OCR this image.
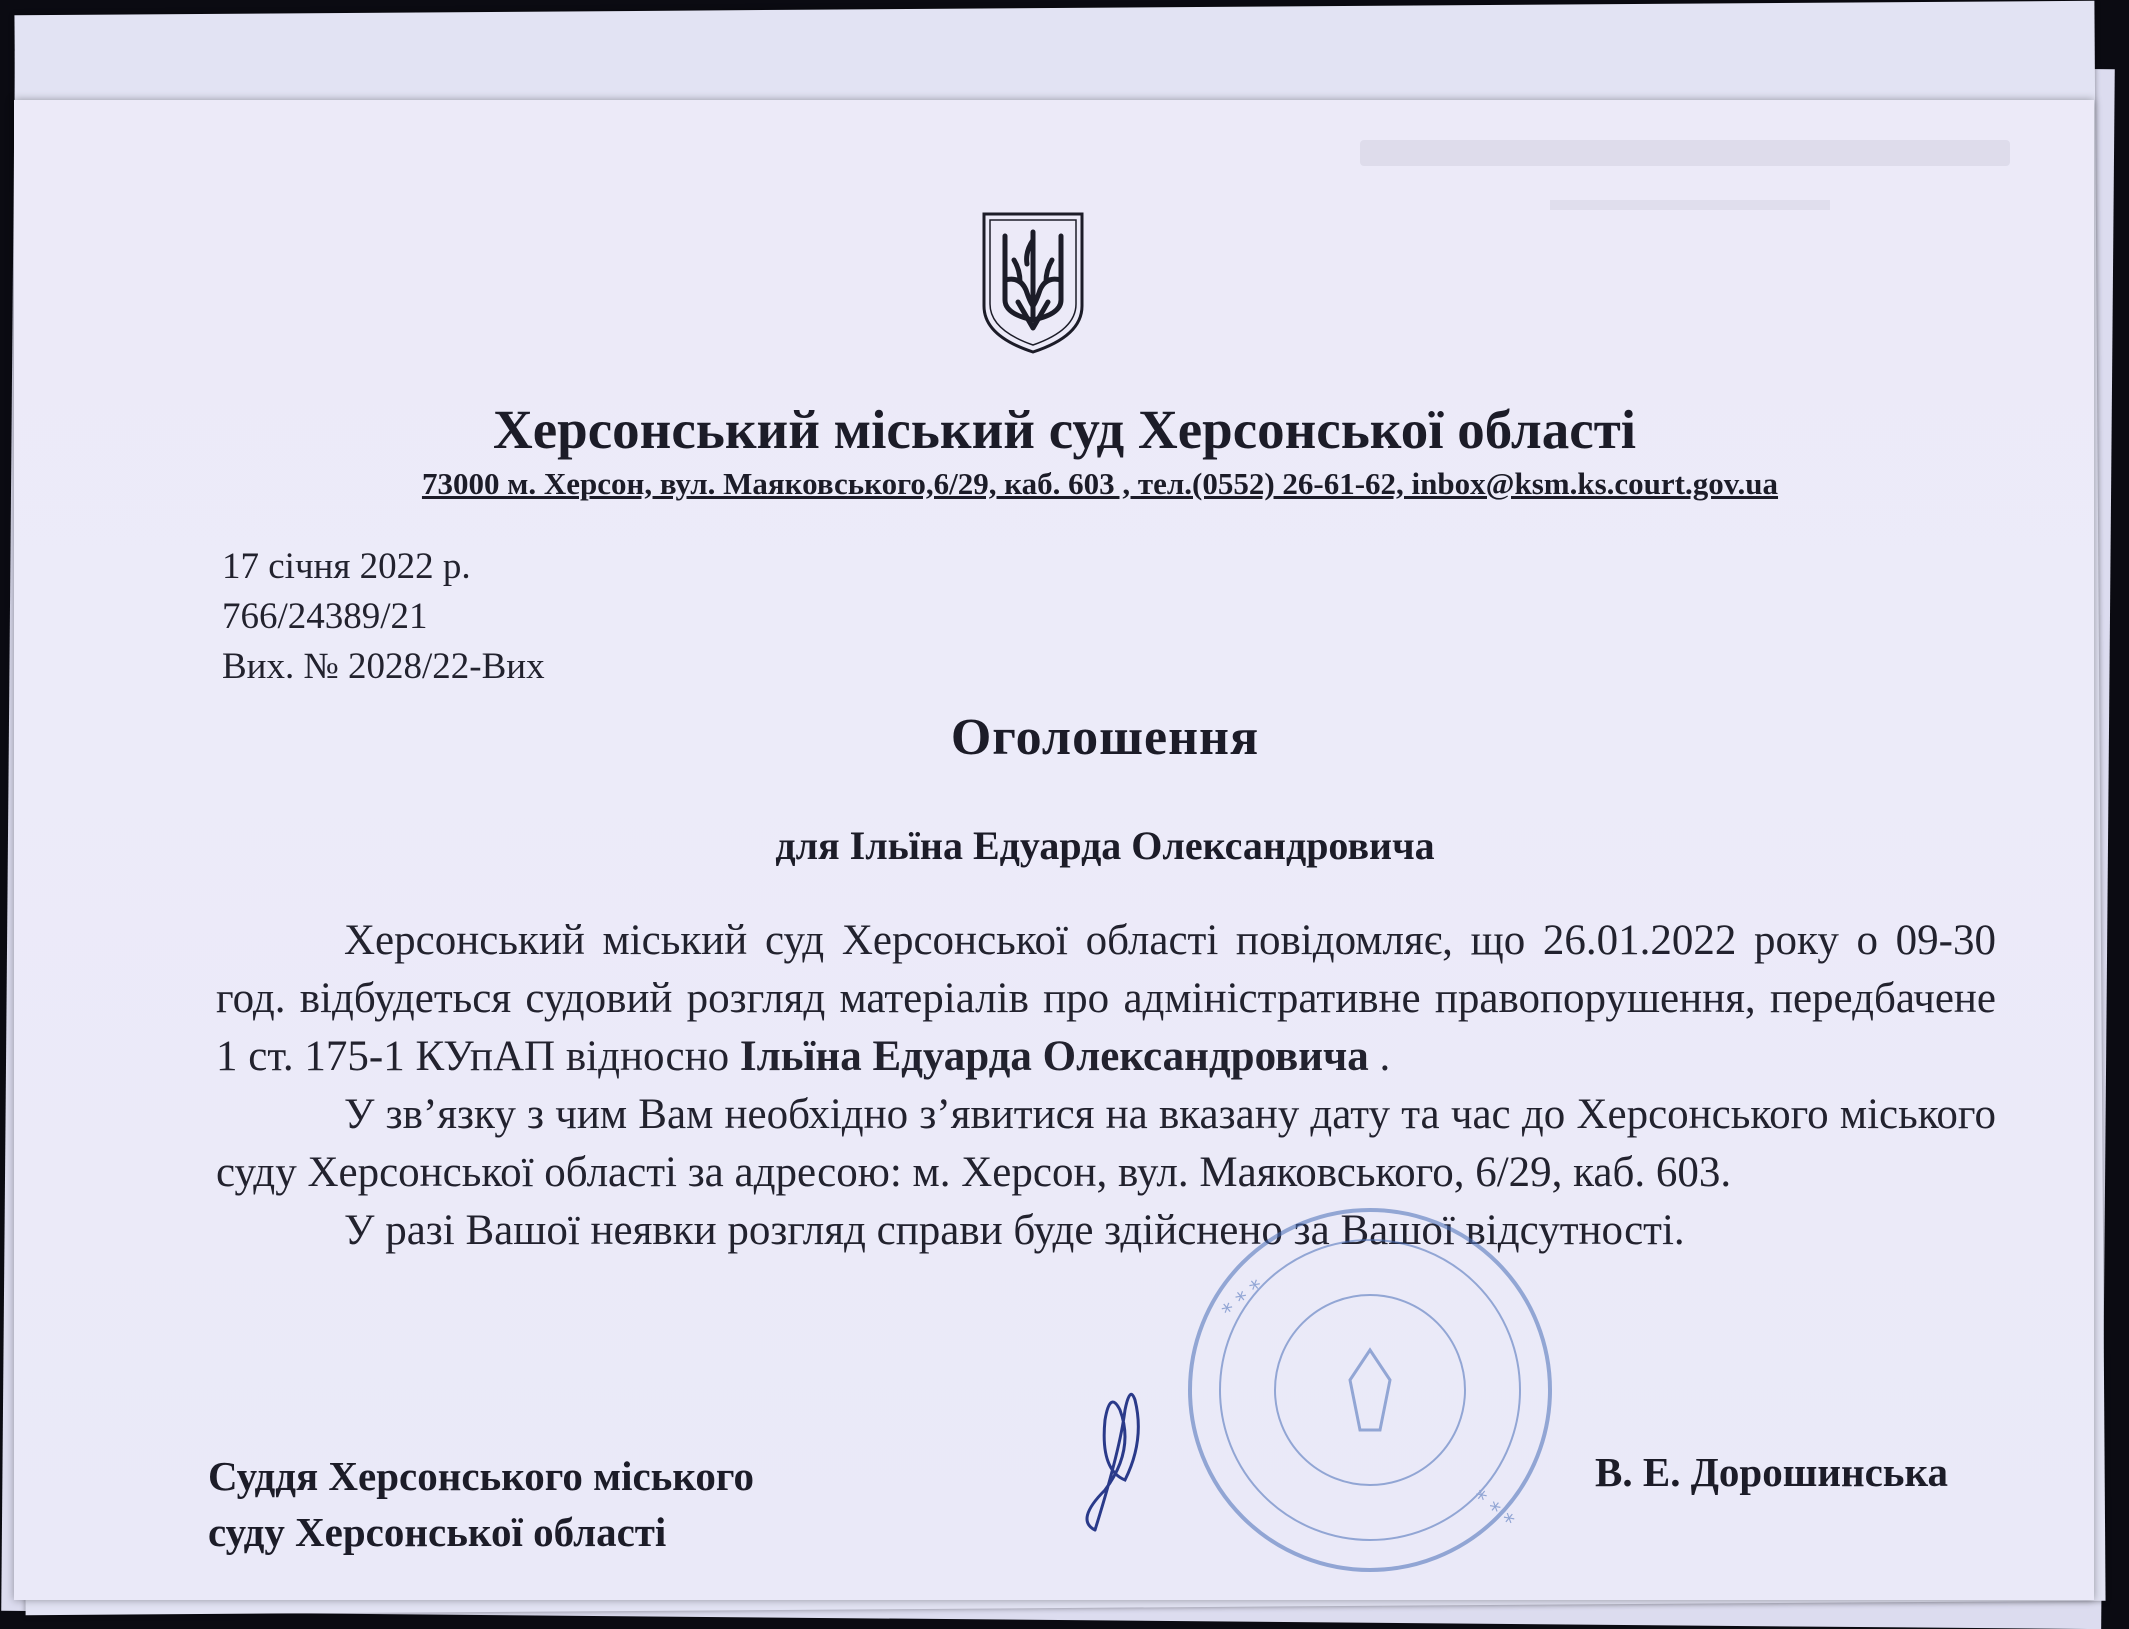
Херсонський міський суд Херсонської області

73000 м. Херсон, вул. Маяковського,6/29, каб. 603 , тел.(0552) 26-61-62, inbox@ksm.ks.court.gov.ua

17 січня 2022 р.
766/24389/21
Вих. № 2028/22-Вих
Оголошення
для Ільїна Едуарда Олександровича

Херсонський міський суд Херсонської області повідомляє, що 26.01.2022 року о 09-30 год. відбудеться судовий розгляд матеріалів про адміністративне правопорушення, передбачене 1 ст. 175-1 КУпАП відносно Ільїна Едуарда Олександровича .

У зв’язку з чим Вам необхідно з’явитися на вказану дату та час до Херсонського міського суду Херсонської області за адресою: м. Херсон, вул. Маяковського, 6/29, каб. 603.

У разі Вашої неявки розгляд справи буде здійснено за Вашої відсутності.

* * *
* * *
Суддя Херсонського міського
суду Херсонської області
В. Е. Дорошинська
